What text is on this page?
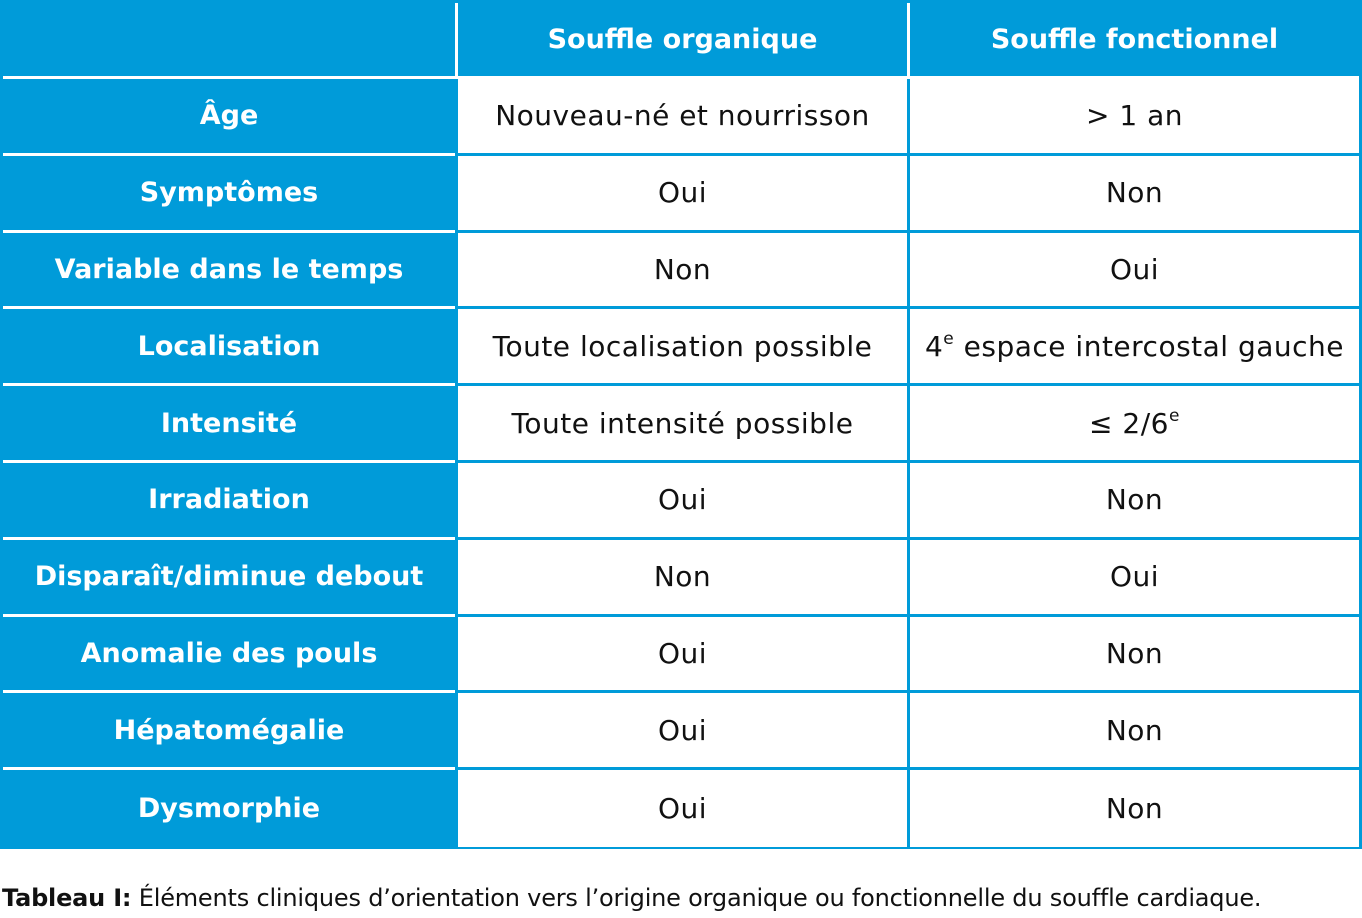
	Souffle organique	Souffle fonctionnel
Âge	Nouveau-né et nourrisson	> 1 an
Symptômes	Oui	Non
Variable dans le temps	Non	Oui
Localisation	Toute localisation possible	4e espace intercostal gauche
Intensité	Toute intensité possible	≤ $2/6^e$
Irradiation	Oui	Non
Disparaît/diminue debout	Non	Oui
Anomalie des pouls	Oui	Non
Hépatomégalie	Oui	Non
Dysmorphie	Oui	Non
Tableau I: Éléments cliniques d’orientation vers l’origine organique ou fonctionnelle du souffle cardiaque.
